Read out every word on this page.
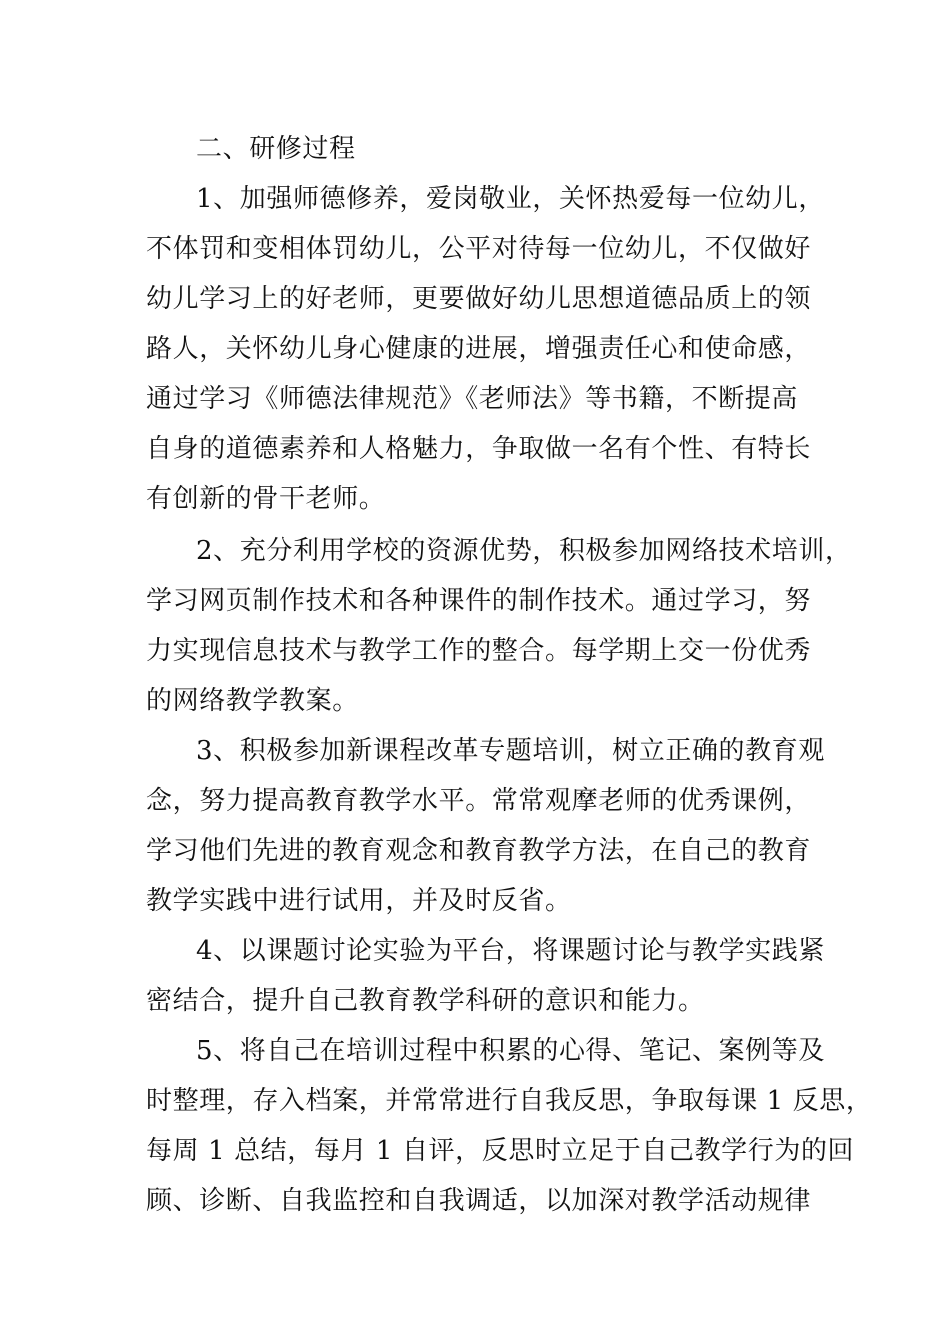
二、研修过程

1、加强师德修养，爱岗敬业，关怀热爱每一位幼儿，

不体罚和变相体罚幼儿，公平对待每一位幼儿，不仅做好

幼儿学习上的好老师，更要做好幼儿思想道德品质上的领

路人，关怀幼儿身心健康的进展，增强责任心和使命感，

通过学习《师德法律规范》《老师法》等书籍，不断提高

自身的道德素养和人格魅力，争取做一名有个性、有特长

有创新的骨干老师。

2、充分利用学校的资源优势，积极参加网络技术培训，

学习网页制作技术和各种课件的制作技术。通过学习，努

力实现信息技术与教学工作的整合。每学期上交一份优秀

的网络教学教案。

3、积极参加新课程改革专题培训，树立正确的教育观

念，努力提高教育教学水平。常常观摩老师的优秀课例，

学习他们先进的教育观念和教育教学方法，在自己的教育

教学实践中进行试用，并及时反省。

4、以课题讨论实验为平台，将课题讨论与教学实践紧

密结合，提升自己教育教学科研的意识和能力。

5、将自己在培训过程中积累的心得、笔记、案例等及

时整理，存入档案，并常常进行自我反思，争取每课 1 反思，

每周 1 总结，每月 1 自评，反思时立足于自己教学行为的回

顾、诊断、自我监控和自我调适，以加深对教学活动规律
